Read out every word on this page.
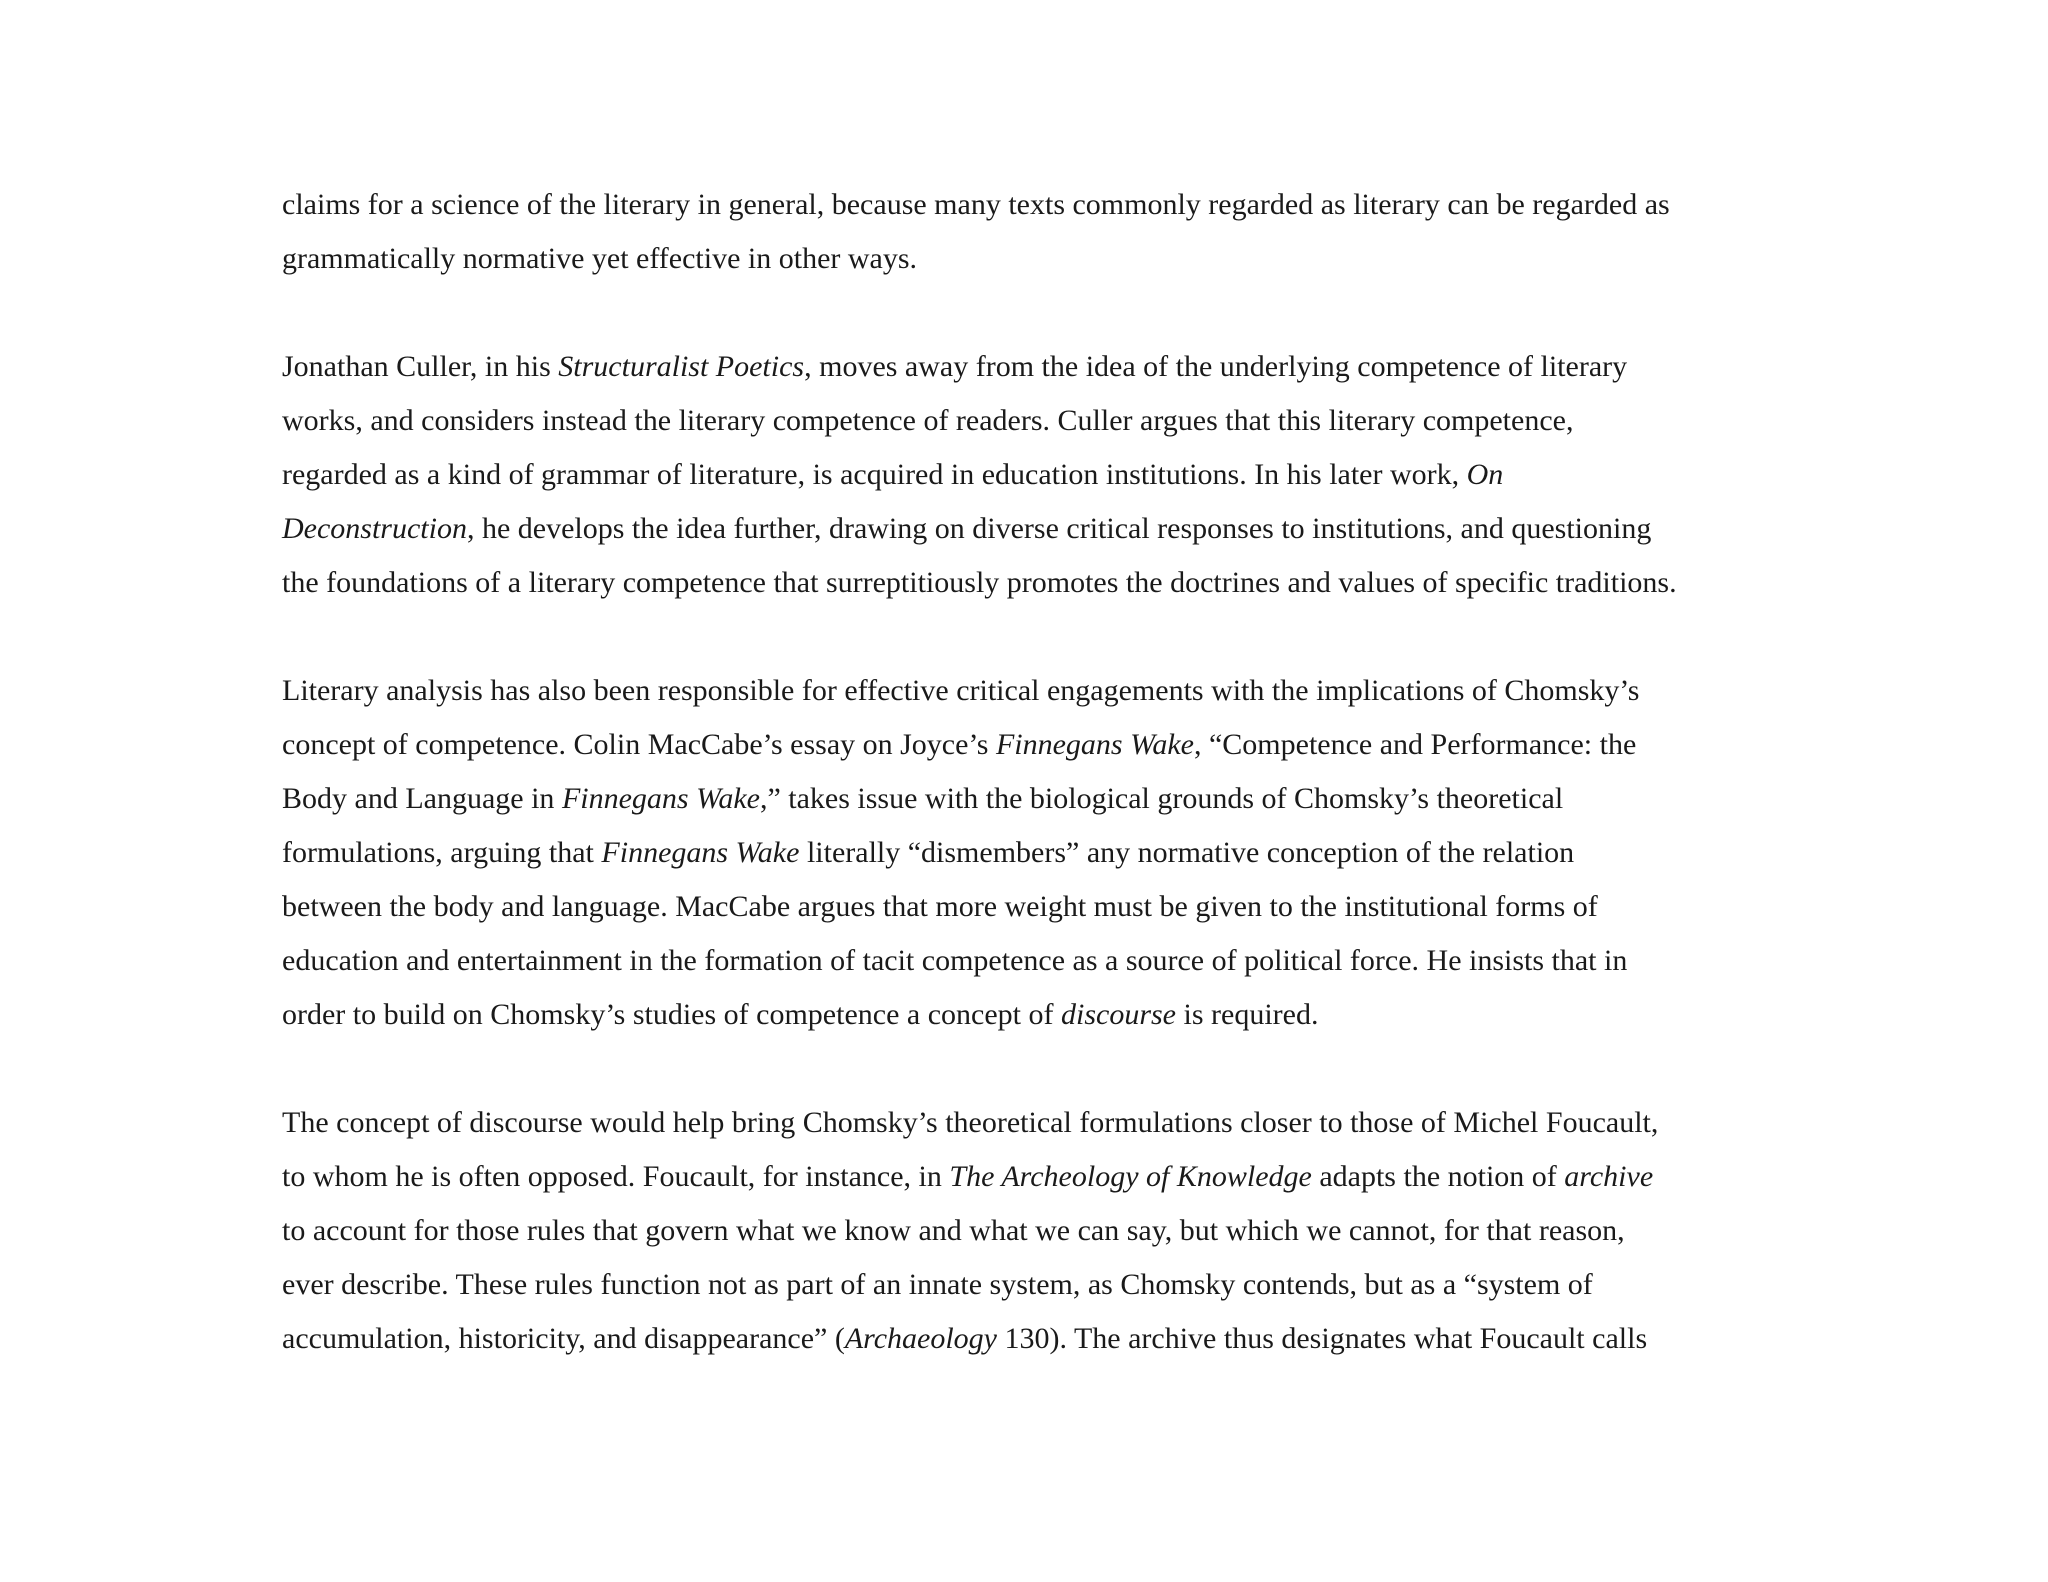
claims for a science of the literary in general, because many texts commonly regarded as literary can be regarded as
grammatically normative yet effective in other ways.
Jonathan Culler, in his Structuralist Poetics, moves away from the idea of the underlying competence of literary
works, and considers instead the literary competence of readers. Culler argues that this literary competence,
regarded as a kind of grammar of literature, is acquired in education institutions. In his later work, On
Deconstruction, he develops the idea further, drawing on diverse critical responses to institutions, and questioning
the foundations of a literary competence that surreptitiously promotes the doctrines and values of specific traditions.
Literary analysis has also been responsible for effective critical engagements with the implications of Chomsky’s
concept of competence. Colin MacCabe’s essay on Joyce’s Finnegans Wake, “Competence and Performance: the
Body and Language in Finnegans Wake,” takes issue with the biological grounds of Chomsky’s theoretical
formulations, arguing that Finnegans Wake literally “dismembers” any normative conception of the relation
between the body and language. MacCabe argues that more weight must be given to the institutional forms of
education and entertainment in the formation of tacit competence as a source of political force. He insists that in
order to build on Chomsky’s studies of competence a concept of discourse is required.
The concept of discourse would help bring Chomsky’s theoretical formulations closer to those of Michel Foucault,
to whom he is often opposed. Foucault, for instance, in The Archeology of Knowledge adapts the notion of archive
to account for those rules that govern what we know and what we can say, but which we cannot, for that reason,
ever describe. These rules function not as part of an innate system, as Chomsky contends, but as a “system of
accumulation, historicity, and disappearance” (Archaeology 130). The archive thus designates what Foucault calls
